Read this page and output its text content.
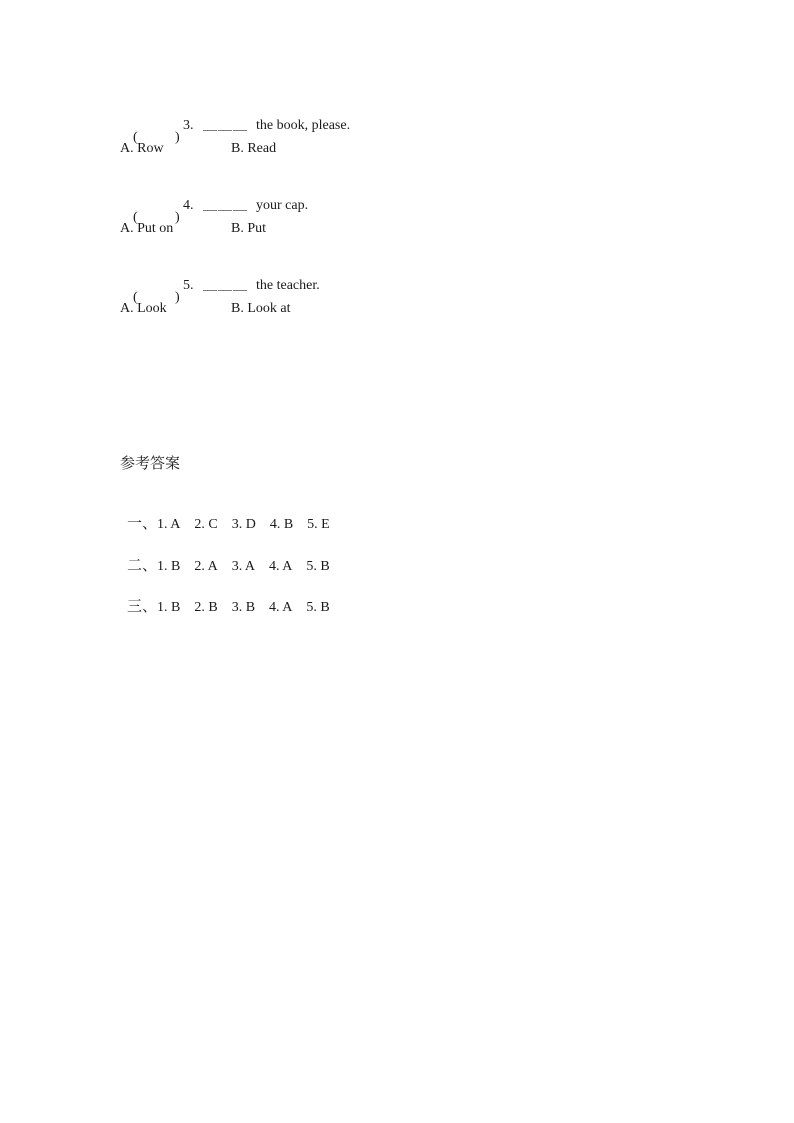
(	)
3. ＿＿＿ the book, please.

A. Row	B. Read

(	)
4. ＿＿＿ your cap.

A. Put on	B. Put

(	)
5. ＿＿＿ the teacher.

A. Look	B. Look at
参考答案

一、1. A 2. C 3. D 4. B 5. E

二、1. B 2. A 3. A 4. A 5. B

三、1. B 2. B 3. B 4. A 5. B
